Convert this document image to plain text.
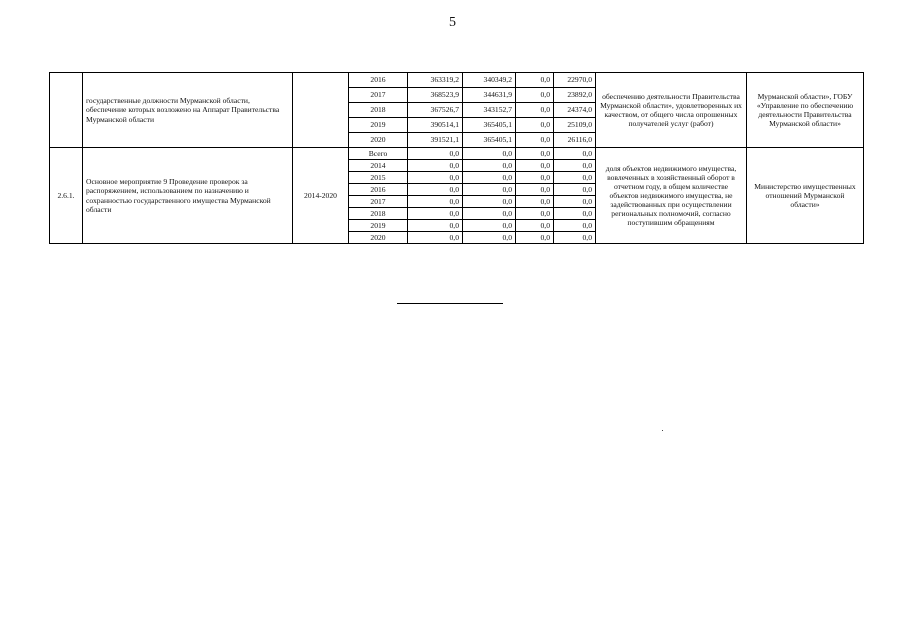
5
	государственные должности Мурманской области, обеспечение которых возложено на Аппарат Правительства Мурманской области		2016	363319,2	340349,2	0,0	22970,0	обеспечению деятельности Правительства Мурманской области», удовлетворенных их качеством, от общего числа опрошенных получателей услуг (работ)	Мурманской области», ГОБУ «Управление по обеспечению деятельности Правительства Мурманской области»
			2017	368523,9	344631,9	0,0	23892,0		
			2018	367526,7	343152,7	0,0	24374,0		
			2019	390514,1	365405,1	0,0	25109,0		
			2020	391521,1	365405,1	0,0	26116,0		
2.6.1.	Основное мероприятие 9 Проведение проверок за распоряжением, использованием по назначению и сохранностью государственного имущества Мурманской области	2014-2020	Всего	0,0	0,0	0,0	0,0	доля объектов недвижимого имущества, вовлеченных в хозяйственный оборот в отчетном году, в общем количестве объектов недвижимого имущества, не задействованных при осуществлении региональных полномочий, согласно поступившим обращениям	Министерство имущественных отношений Мурманской области»
			2014	0,0	0,0	0,0	0,0		
			2015	0,0	0,0	0,0	0,0		
			2016	0,0	0,0	0,0	0,0		
			2017	0,0	0,0	0,0	0,0		
			2018	0,0	0,0	0,0	0,0		
			2019	0,0	0,0	0,0	0,0		
			2020	0,0	0,0	0,0	0,0		
